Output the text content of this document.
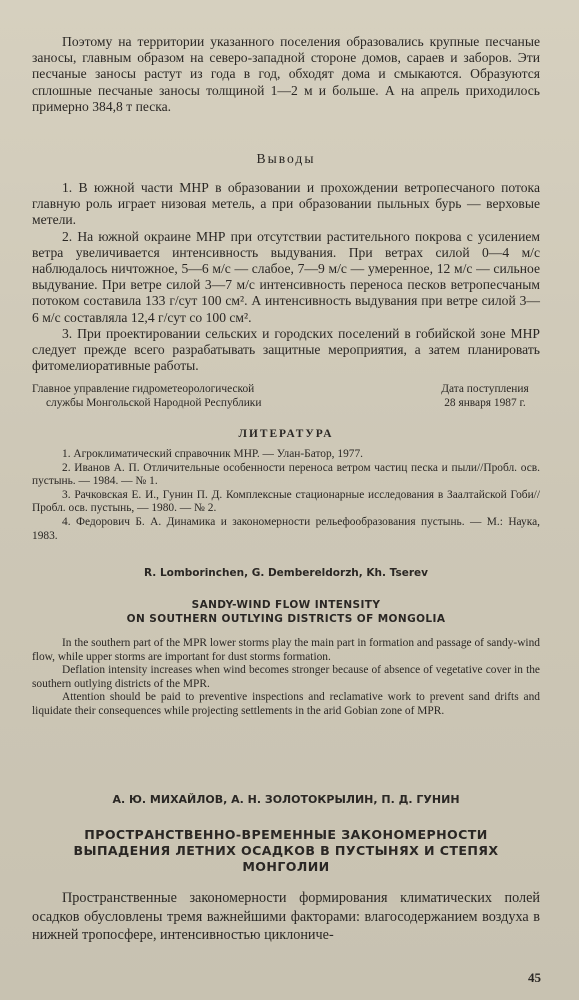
Поэтому на территории указанного поселения образовались крупные песчаные заносы, главным образом на северо-западной стороне домов, сараев и заборов. Эти песчаные заносы растут из года в год, обходят дома и смыкаются. Образуются сплошные песчаные заносы толщиной 1—2 м и больше. А на апрель приходилось примерно 384,8 т песка.

Выводы

1. В южной части МНР в образовании и прохождении ветропесчаного потока главную роль играет низовая метель, а при образовании пыльных бурь — верховые метели.

2. На южной окраине МНР при отсутствии растительного покрова с усилением ветра увеличивается интенсивность выдувания. При ветрах силой 0—4 м/с наблюдалось ничтожное, 5—6 м/с — слабое, 7—9 м/с — умеренное, 12 м/с — сильное выдувание. При ветре силой 3—7 м/с интенсивность переноса песков ветропесчаным потоком составила 133 г/сут 100 см². А интенсивность выдувания при ветре силой 3—6 м/с составляла 12,4 г/сут со 100 см².

3. При проектировании сельских и городских поселений в гобийской зоне МНР следует прежде всего разрабатывать защитные мероприятия, а затем планировать фитомелиоративные работы.

Главное управление гидрометеорологической	Дата поступления
службы Монгольской Народной Республики	28 января 1987 г.

ЛИТЕРАТУРА

1. Агроклиматический справочник МНР. — Улан-Батор, 1977.

2. Иванов А. П. Отличительные особенности переноса ветром частиц песка и пыли//Пробл. осв. пустынь. — 1984. — № 1.

3. Рачковская Е. И., Гунин П. Д. Комплексные стационарные исследования в Заалтайской Гоби//Пробл. осв. пустынь, — 1980. — № 2.

4. Федорович Б. А. Динамика и закономерности рельефообразования пустынь. — М.: Наука, 1983.

R. Lomborinchen, G. Dembereldorzh, Kh. Tserev

SANDY-WIND FLOW INTENSITY
ON SOUTHERN OUTLYING DISTRICTS OF MONGOLIA

In the southern part of the MPR lower storms play the main part in formation and passage of sandy-wind flow, while upper storms are important for dust storms formation.

Deflation intensity increases when wind becomes stronger because of absence of vegetative cover in the southern outlying districts of the MPR.

Attention should be paid to preventive inspections and reclamative work to prevent sand drifts and liquidate their consequences while projecting settlements in the arid Gobian zone of MPR.

А. Ю. МИХАЙЛОВ, А. Н. ЗОЛОТОКРЫЛИН, П. Д. ГУНИН

ПРОСТРАНСТВЕННО-ВРЕМЕННЫЕ ЗАКОНОМЕРНОСТИ
ВЫПАДЕНИЯ ЛЕТНИХ ОСАДКОВ В ПУСТЫНЯХ И СТЕПЯХ
МОНГОЛИИ

Пространственные закономерности формирования климатических полей осадков обусловлены тремя важнейшими факторами: влагосодержанием воздуха в нижней тропосфере, интенсивностью циклониче-

45
